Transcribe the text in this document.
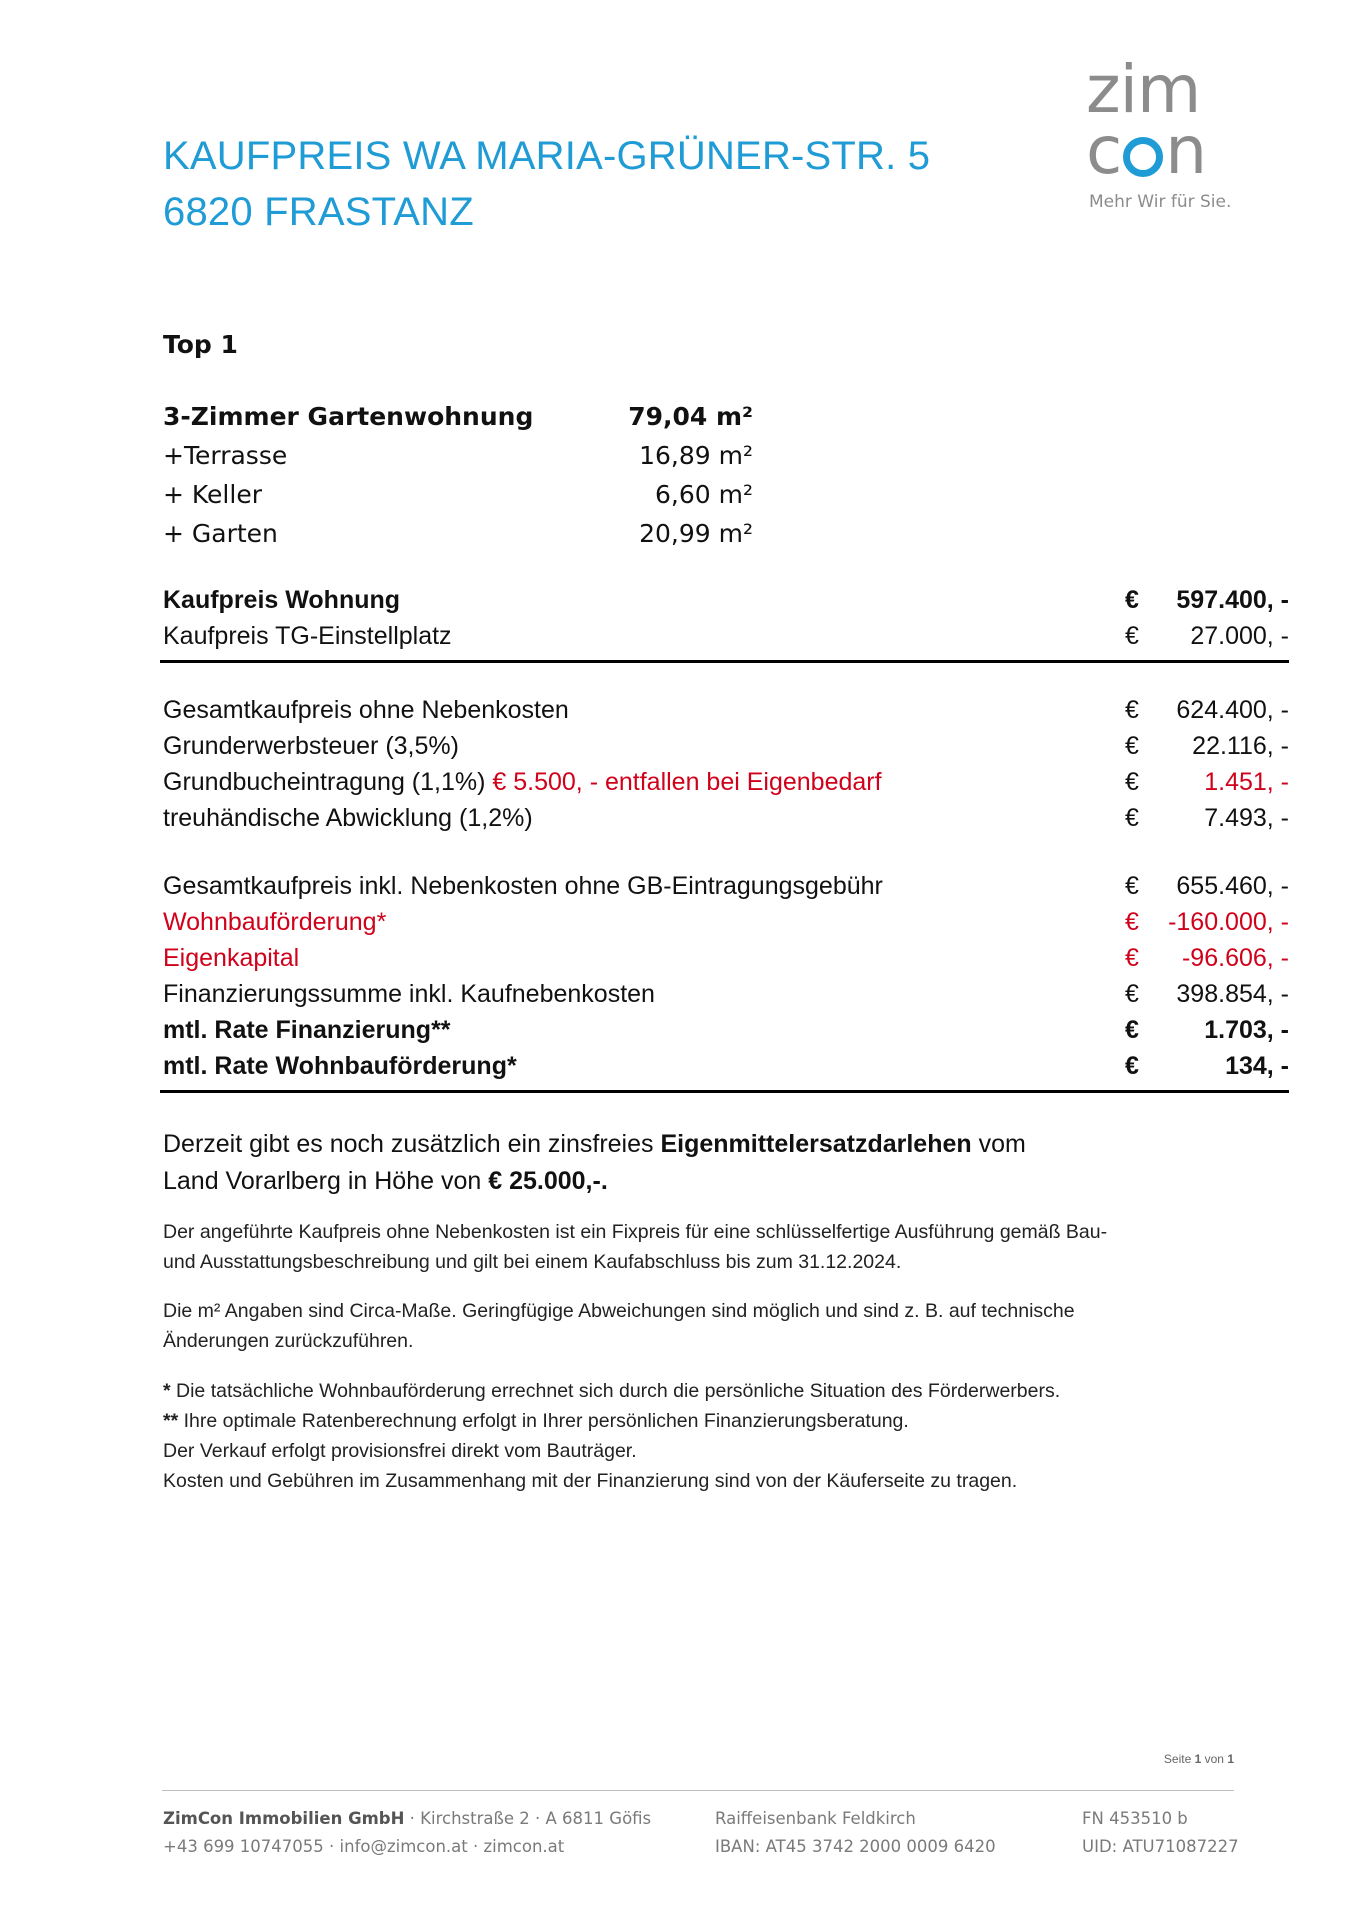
KAUFPREIS WA MARIA-GRÜNER-STR. 5
6820 FRASTANZ
zim
c n
Mehr Wir für Sie.
Top 1
3-Zimmer Gartenwohnung	79,04 m²
+Terrasse	16,89 m²
+ Keller	6,60 m²
+ Garten	20,99 m²
Kaufpreis Wohnung	€ 597.400, -
Kaufpreis TG-Einstellplatz	€ 27.000, -
Gesamtkaufpreis ohne Nebenkosten	€ 624.400, -
Grunderwerbsteuer (3,5%)	€ 22.116, -
Grundbucheintragung (1,1%) € 5.500, - entfallen bei Eigenbedarf	€	1.451, -
treuhändische Abwicklung (1,2%)	€	7.493, -
Gesamtkaufpreis inkl. Nebenkosten ohne GB-Eintragungsgebühr	€ 655.460, -
Wohnbauförderung*	€ -160.000, -
Eigenkapital	€ -96.606, -
Finanzierungssumme inkl. Kaufnebenkosten	€ 398.854, -
mtl. Rate Finanzierung**	€	1.703, -
mtl. Rate Wohnbauförderung*	€	134, -
Derzeit gibt es noch zusätzlich ein zinsfreies Eigenmittelersatzdarlehen vom
Land Vorarlberg in Höhe von € 25.000,-.
Der angeführte Kaufpreis ohne Nebenkosten ist ein Fixpreis für eine schlüsselfertige Ausführung gemäß Bau-
und Ausstattungsbeschreibung und gilt bei einem Kaufabschluss bis zum 31.12.2024.
Die m² Angaben sind Circa-Maße. Geringfügige Abweichungen sind möglich und sind z. B. auf technische
Änderungen zurückzuführen.
* Die tatsächliche Wohnbauförderung errechnet sich durch die persönliche Situation des Förderwerbers.
** Ihre optimale Ratenberechnung erfolgt in Ihrer persönlichen Finanzierungsberatung.
Der Verkauf erfolgt provisionsfrei direkt vom Bauträger.
Kosten und Gebühren im Zusammenhang mit der Finanzierung sind von der Käuferseite zu tragen.
Seite 1 von 1
ZimCon Immobilien GmbH · Kirchstraße 2 · A 6811 Göfis
+43 699 10747055 · info@zimcon.at · zimcon.at
Raiffeisenbank Feldkirch
IBAN: AT45 3742 2000 0009 6420
FN 453510 b
UID: ATU71087227
